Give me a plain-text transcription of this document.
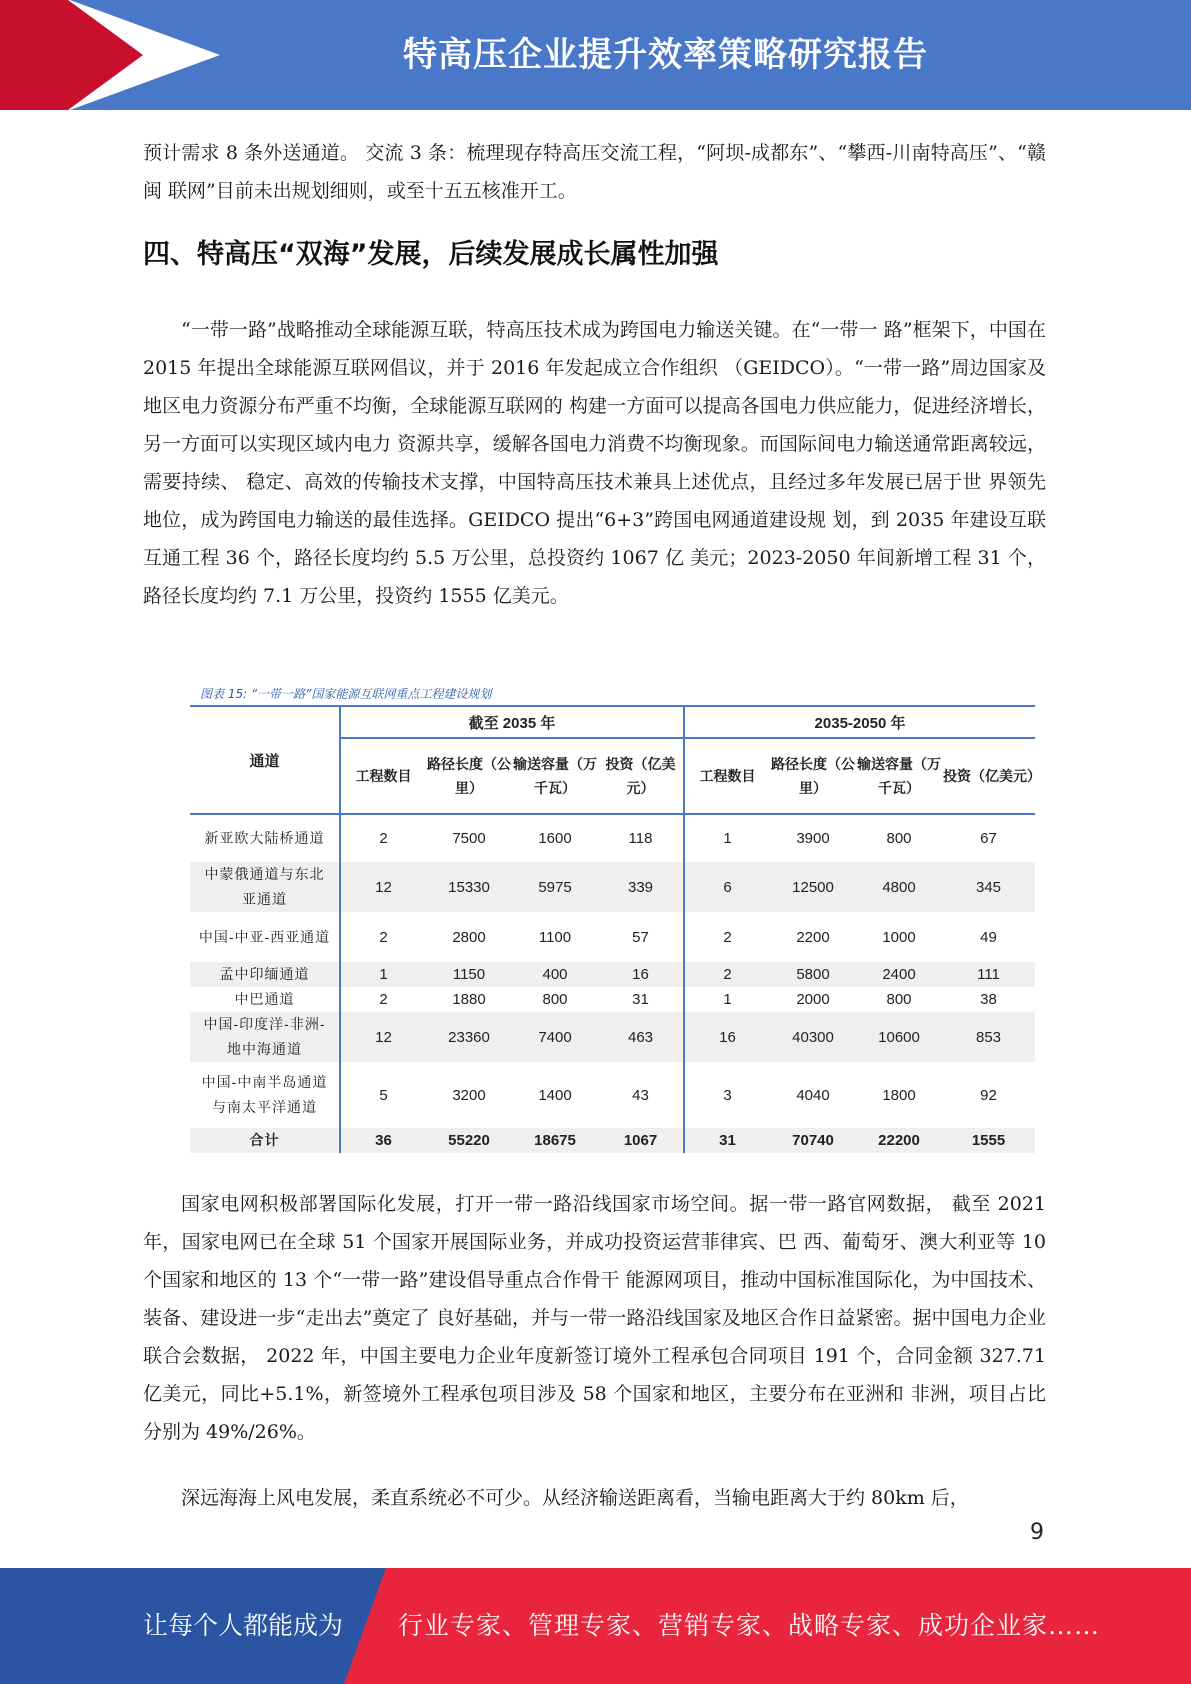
特高压企业提升效率策略研究报告

预计需求 8 条外送通道。 交流 3 条：梳理现存特高压交流工程，“阿坝-成都东”、“攀西-川南特高压”、“赣闽 联网”目前未出规划细则，或至十五五核准开工。

四、特高压“双海”发展，后续发展成长属性加强

“一带一路”战略推动全球能源互联，特高压技术成为跨国电力输送关键。在“一带一 路”框架下，中国在 2015 年提出全球能源互联网倡议，并于 2016 年发起成立合作组织 （GEIDCO）。“一带一路”周边国家及地区电力资源分布严重不均衡，全球能源互联网的 构建一方面可以提高各国电力供应能力，促进经济增长，另一方面可以实现区域内电力 资源共享，缓解各国电力消费不均衡现象。而国际间电力输送通常距离较远，需要持续、 稳定、高效的传输技术支撑，中国特高压技术兼具上述优点，且经过多年发展已居于世 界领先地位，成为跨国电力输送的最佳选择。GEIDCO 提出“6+3”跨国电网通道建设规 划，到 2035 年建设互联互通工程 36 个，路径长度均约 5.5 万公里，总投资约 1067 亿 美元；2023-2050 年间新增工程 31 个，路径长度均约 7.1 万公里，投资约 1555 亿美元。

图表 15: “一带一路”国家能源互联网重点工程建设规划
通道	截至 2035 年				2035-2050 年			
	工程数目	路径长度（公里）	输送容量（万千瓦）	投资（亿美元）	工程数目	路径长度（公里）	输送容量（万千瓦）	投资（亿美元）
新亚欧大陆桥通道	2	7500	1600	118	1	3900	800	67
中蒙俄通道与东北亚通道	12	15330	5975	339	6	12500	4800	345
中国-中亚-西亚通道	2	2800	1100	57	2	2200	1000	49
孟中印缅通道	1	1150	400	16	2	5800	2400	111
中巴通道	2	1880	800	31	1	2000	800	38
中国-印度洋-非洲-地中海通道	12	23360	7400	463	16	40300	10600	853
中国-中南半岛通道与南太平洋通道	5	3200	1400	43	3	4040	1800	92
合计	36	55220	18675	1067	31	70740	22200	1555

国家电网积极部署国际化发展，打开一带一路沿线国家市场空间。据一带一路官网数据， 截至 2021 年，国家电网已在全球 51 个国家开展国际业务，并成功投资运营菲律宾、巴 西、葡萄牙、澳大利亚等 10 个国家和地区的 13 个“一带一路”建设倡导重点合作骨干 能源网项目，推动中国标准国际化，为中国技术、装备、建设进一步“走出去”奠定了 良好基础，并与一带一路沿线国家及地区合作日益紧密。据中国电力企业联合会数据， 2022 年，中国主要电力企业年度新签订境外工程承包合同项目 191 个，合同金额 327.71 亿美元，同比+5.1%，新签境外工程承包项目涉及 58 个国家和地区，主要分布在亚洲和 非洲，项目占比分别为 49%/26%。

深远海海上风电发展，柔直系统必不可少。从经济输送距离看，当输电距离大于约 80km 后，

9
让每个人都能成为 行业专家、管理专家、营销专家、战略专家、成功企业家……
